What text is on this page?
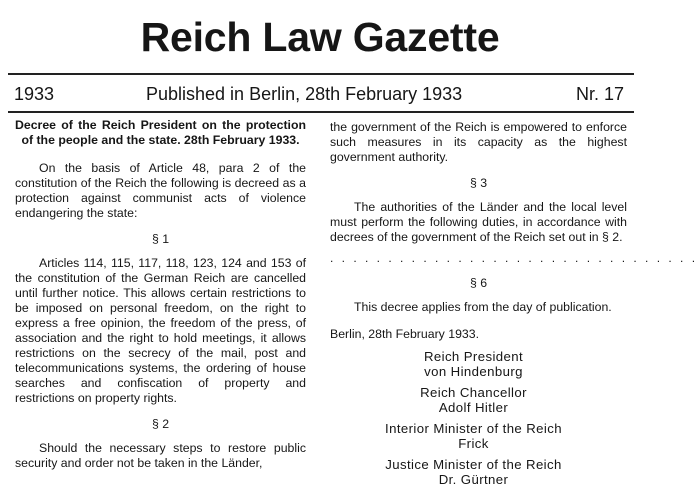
Reich Law Gazette
1933	Published in Berlin, 28th February 1933	Nr. 17

Decree of the Reich President on the protection of the people and the state. 28th February 1933.

On the basis of Article 48, para 2 of the constitution of the Reich the following is decreed as a protection against communist acts of violence endangering the state:

§ 1

Articles 114, 115, 117, 118, 123, 124 and 153 of the constitution of the German Reich are cancelled until further notice. This allows certain restrictions to be imposed on personal freedom, on the right to express a free opinion, the freedom of the press, of association and the right to hold meetings, it allows restrictions on the secrecy of the mail, post and telecommunications systems, the ordering of house searches and confiscation of property and restrictions on property rights.

§ 2

Should the necessary steps to restore public security and order not be taken in the Länder,

the government of the Reich is empowered to enforce such measures in its capacity as the highest government authority.

§ 3

The authorities of the Länder and the local level must perform the following duties, in accordance with decrees of the government of the Reich set out in § 2.

. . . . . . . . . . . . . . . . . . . . . . . . . . . . . . . .
§ 6

This decree applies from the day of publication.

Berlin, 28th February 1933.

Reich President
von Hindenburg
Reich Chancellor
Adolf Hitler
Interior Minister of the Reich
Frick
Justice Minister of the Reich
Dr. Gürtner
